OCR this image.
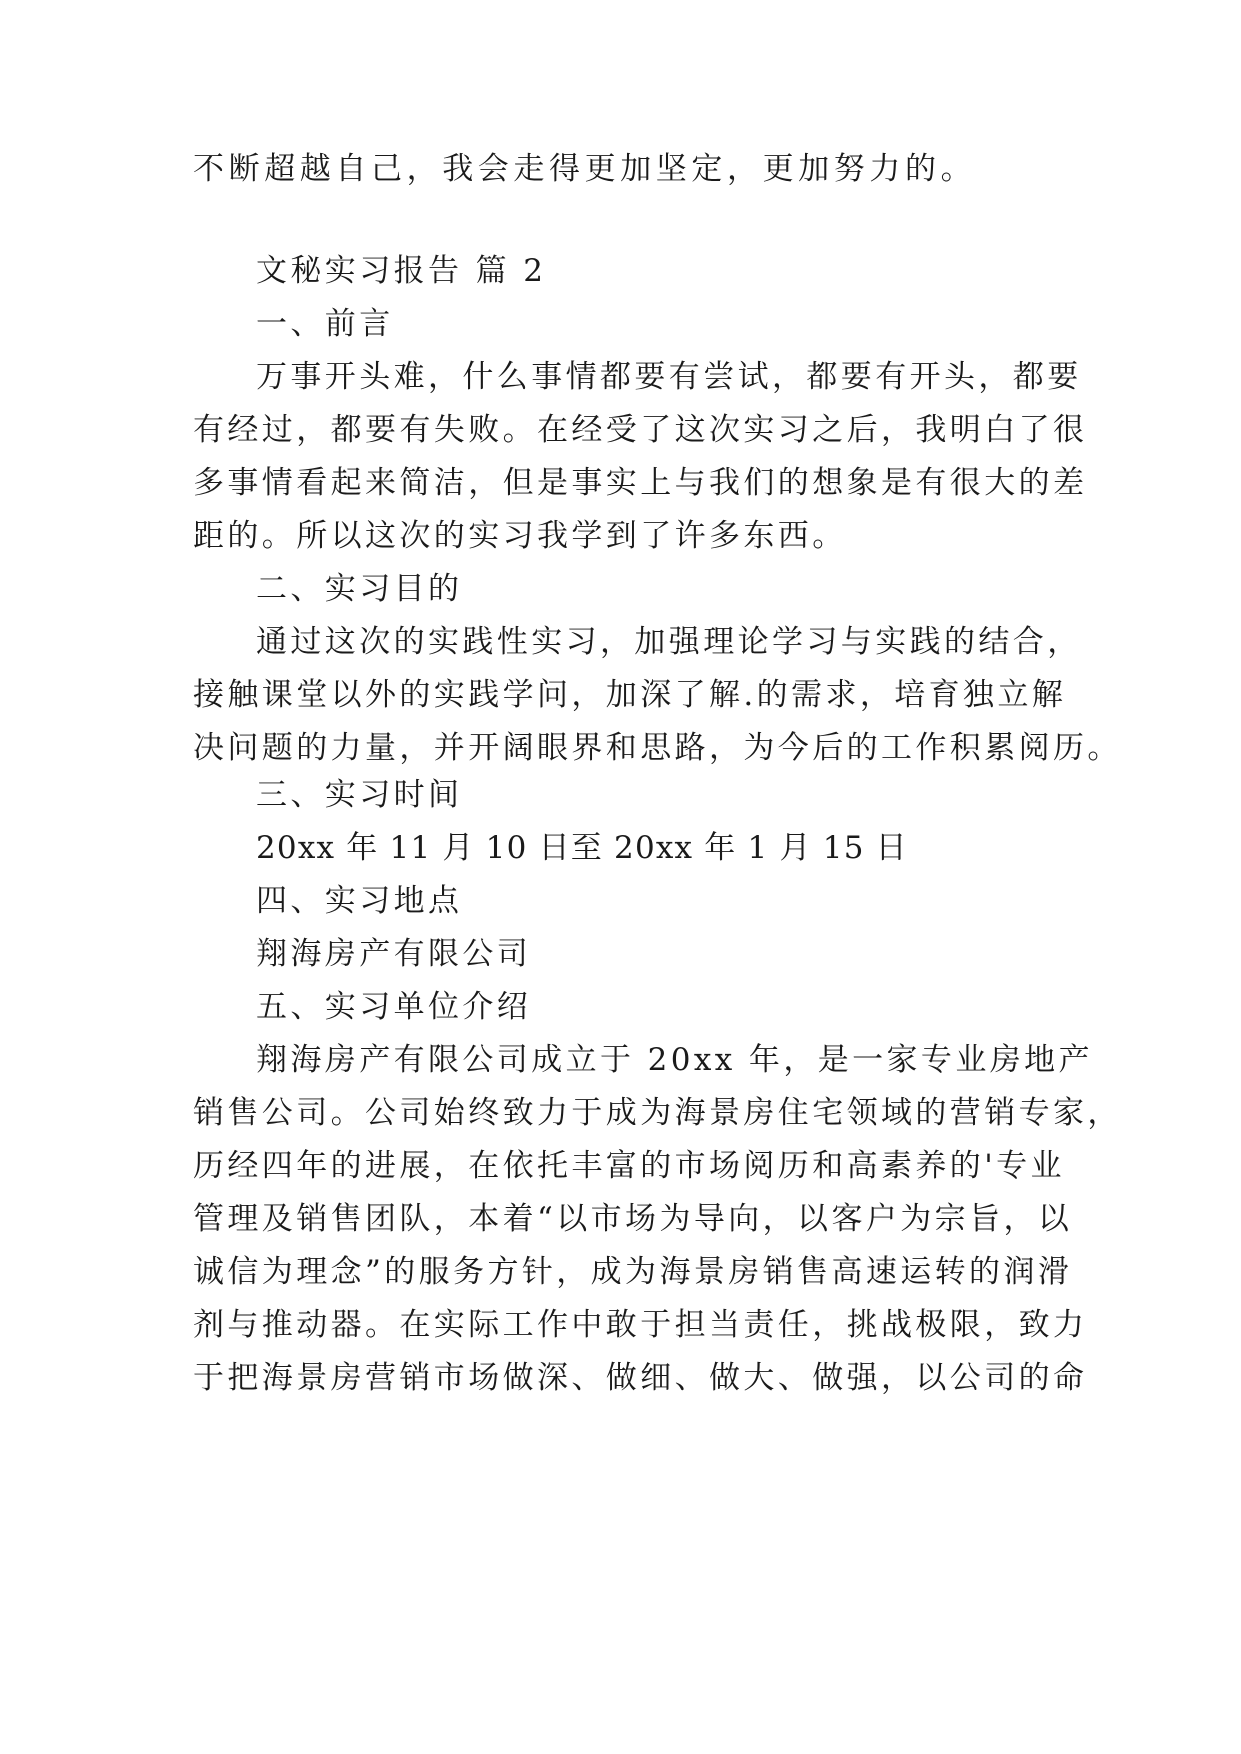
不断超越自己，我会走得更加坚定，更加努力的。

文秘实习报告 篇 2

一、前言

万事开头难，什么事情都要有尝试，都要有开头，都要

有经过，都要有失败。在经受了这次实习之后，我明白了很

多事情看起来简洁，但是事实上与我们的想象是有很大的差

距的。所以这次的实习我学到了许多东西。

二、实习目的

通过这次的实践性实习，加强理论学习与实践的结合，

接触课堂以外的实践学问，加深了解.的需求，培育独立解

决问题的力量，并开阔眼界和思路，为今后的工作积累阅历。

三、实习时间

20xx 年 11 月 10 日至 20xx 年 1 月 15 日

四、实习地点

翔海房产有限公司

五、实习单位介绍

翔海房产有限公司成立于 20xx 年，是一家专业房地产

销售公司。公司始终致力于成为海景房住宅领域的营销专家，

历经四年的进展，在依托丰富的市场阅历和高素养的'专业

管理及销售团队，本着“以市场为导向，以客户为宗旨，以

诚信为理念”的服务方针，成为海景房销售高速运转的润滑

剂与推动器。在实际工作中敢于担当责任，挑战极限，致力

于把海景房营销市场做深、做细、做大、做强，以公司的命
